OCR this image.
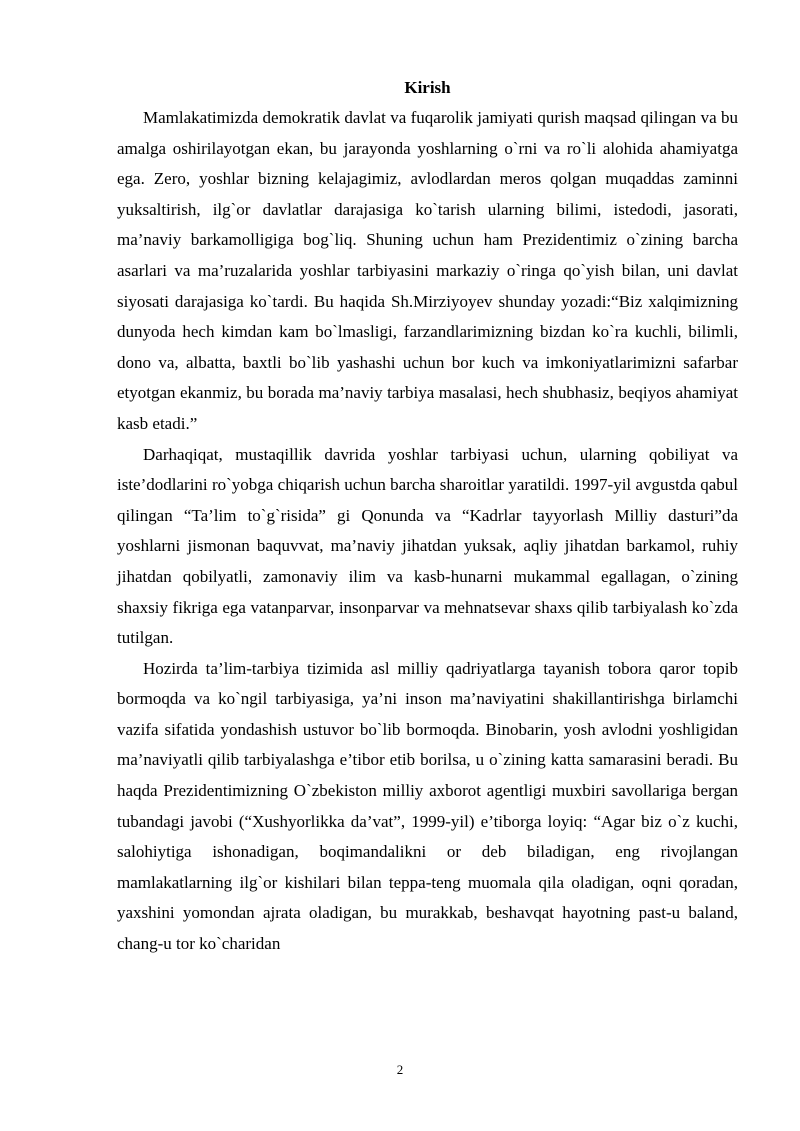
Kirish

Mamlakatimizda demokratik davlat va fuqarolik jamiyati qurish maqsad qilingan va bu amalga oshirilayotgan ekan, bu jarayonda yoshlarning o`rni va ro`li alohida ahamiyatga ega. Zero, yoshlar bizning kelajagimiz, avlodlardan meros qolgan muqaddas zaminni yuksaltirish, ilg`or davlatlar darajasiga ko`tarish ularning bilimi, istedodi, jasorati, ma’naviy barkamolligiga bog`liq. Shuning uchun ham Prezidentimiz o`zining barcha asarlari va ma’ruzalarida yoshlar tarbiyasini markaziy o`ringa qo`yish bilan, uni davlat siyosati darajasiga ko`tardi. Bu haqida Sh.Mirziyoyev shunday yozadi:“Biz xalqimizning dunyoda hech kimdan kam bo`lmasligi, farzandlarimizning bizdan ko`ra kuchli, bilimli, dono va, albatta, baxtli bo`lib yashashi uchun bor kuch va imkoniyatlarimizni safarbar etyotgan ekanmiz, bu borada ma’naviy tarbiya masalasi, hech shubhasiz, beqiyos ahamiyat kasb etadi.”

Darhaqiqat, mustaqillik davrida yoshlar tarbiyasi uchun, ularning qobiliyat va iste’dodlarini ro`yobga chiqarish uchun barcha sharoitlar yaratildi. 1997-yil avgustda qabul qilingan “Ta’lim to`g`risida” gi Qonunda va “Kadrlar tayyorlash Milliy dasturi”da yoshlarni jismonan baquvvat, ma’naviy jihatdan yuksak, aqliy jihatdan barkamol, ruhiy jihatdan qobilyatli, zamonaviy ilim va kasb-hunarni mukammal egallagan, o`zining shaxsiy fikriga ega vatanparvar, insonparvar va mehnatsevar shaxs qilib tarbiyalash ko`zda tutilgan.

Hozirda ta’lim-tarbiya tizimida asl milliy qadriyatlarga tayanish tobora qaror topib bormoqda va ko`ngil tarbiyasiga, ya’ni inson ma’naviyatini shakillantirishga birlamchi vazifa sifatida yondashish ustuvor bo`lib bormoqda. Binobarin, yosh avlodni yoshligidan ma’naviyatli qilib tarbiyalashga e’tibor etib borilsa, u o`zining katta samarasini beradi. Bu haqda Prezidentimizning O`zbekiston milliy axborot agentligi muxbiri savollariga bergan tubandagi javobi (“Xushyorlikka da’vat”, 1999-yil) e’tiborga loyiq: “Agar biz o`z kuchi, salohiytiga ishonadigan, boqimandalikni or deb biladigan, eng rivojlangan mamlakatlarning ilg`or kishilari bilan teppa-teng muomala qila oladigan, oqni qoradan, yaxshini yomondan ajrata oladigan, bu murakkab, beshavqat hayotning past-u baland, chang-u tor ko`charidan

2
